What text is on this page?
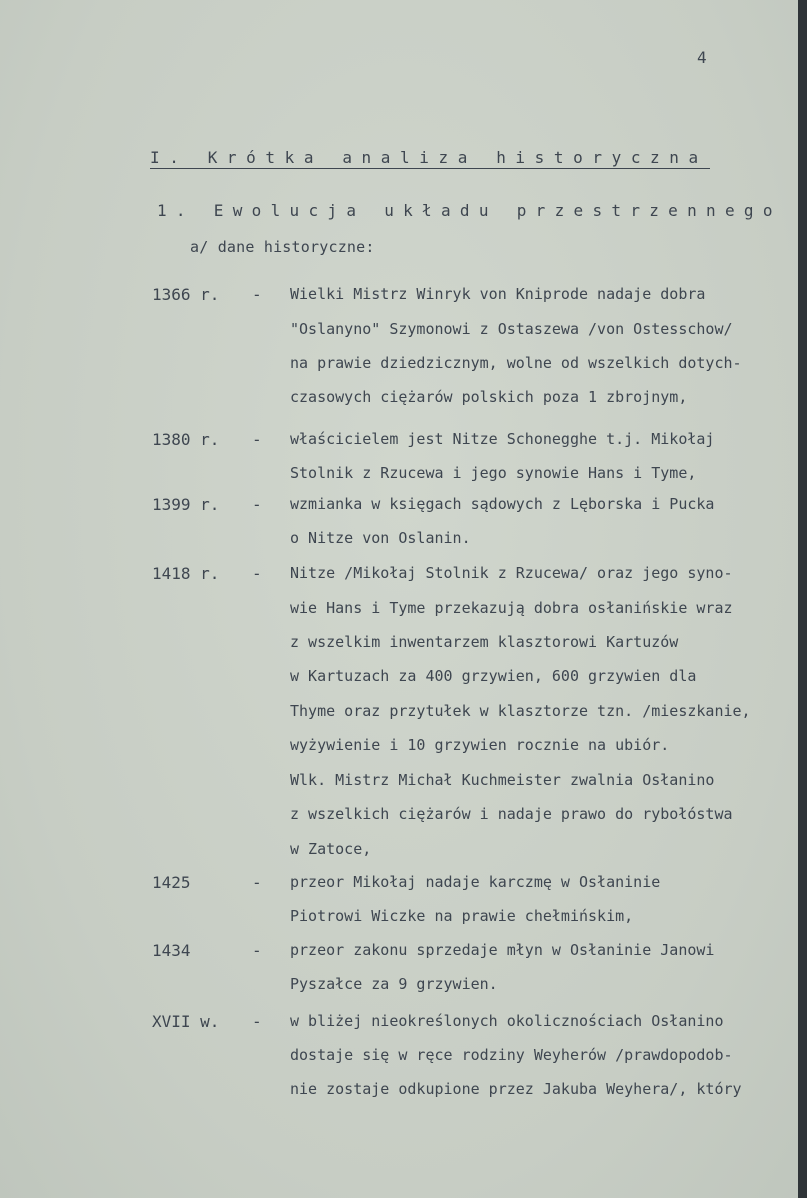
4
I. Krótka analiza historyczna
1. Ewolucja układu przestrzennego
a/ dane historyczne:
1366 r. - Wielki Mistrz Winryk von Kniprode nadaje dobra
"Oslanyno" Szymonowi z Ostaszewa /von Ostesschow/
na prawie dziedzicznym, wolne od wszelkich dotych-
czasowych ciężarów polskich poza 1 zbrojnym,
1380 r. - właścicielem jest Nitze Schonegghe t.j. Mikołaj
Stolnik z Rzucewa i jego synowie Hans i Tyme,
1399 r. - wzmianka w księgach sądowych z Lęborska i Pucka
o Nitze von Oslanin.
1418 r. - Nitze /Mikołaj Stolnik z Rzucewa/ oraz jego syno-
wie Hans i Tyme przekazują dobra osłanińskie wraz
z wszelkim inwentarzem klasztorowi Kartuzów
w Kartuzach za 400 grzywien, 600 grzywien dla
Thyme oraz przytułek w klasztorze tzn. /mieszkanie,
wyżywienie i 10 grzywien rocznie na ubiór.
Wlk. Mistrz Michał Kuchmeister zwalnia Osłanino
z wszelkich ciężarów i nadaje prawo do rybołóstwa
w Zatoce,
1425	- przeor Mikołaj nadaje karczmę w Osłaninie
Piotrowi Wiczke na prawie chełmińskim,
1434	- przeor zakonu sprzedaje młyn w Osłaninie Janowi
Pyszałce za 9 grzywien.
XVII w. - w bliżej nieokreślonych okolicznościach Osłanino
dostaje się w ręce rodziny Weyherów /prawdopodob-
nie zostaje odkupione przez Jakuba Weyhera/, który
